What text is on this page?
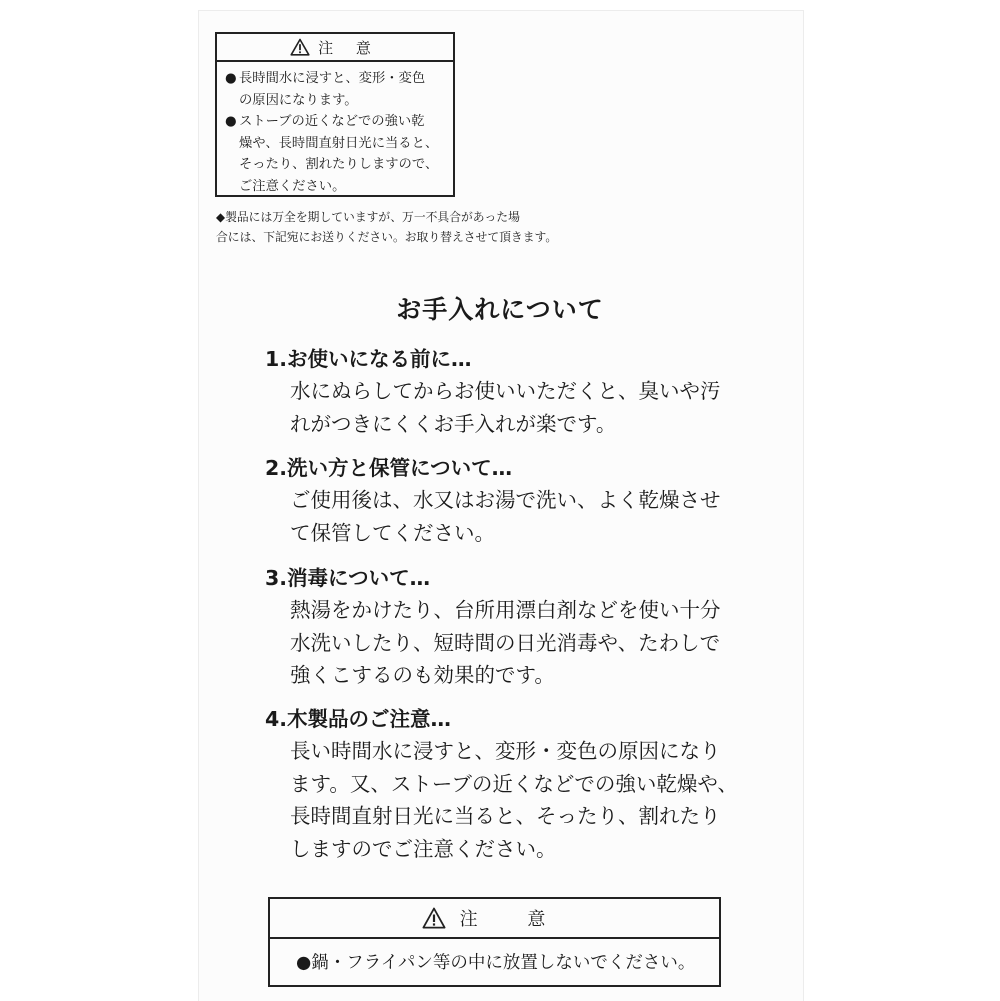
注 意
● 長時間水に浸すと、変形・変色
の原因になります。
● ストーブの近くなどでの強い乾
燥や、長時間直射日光に当ると、
そったり、割れたりしますので、
ご注意ください。
◆製品には万全を期していますが、万一不具合があった場
合には、下記宛にお送りください。お取り替えさせて頂きます。
お手入れについて
1.お使いになる前に…
水にぬらしてからお使いいただくと、臭いや汚
れがつきにくくお手入れが楽です。
2.洗い方と保管について…
ご使用後は、水又はお湯で洗い、よく乾燥させ
て保管してください。
3.消毒について…
熱湯をかけたり、台所用漂白剤などを使い十分
水洗いしたり、短時間の日光消毒や、たわしで
強くこするのも効果的です。
4.木製品のご注意…
長い時間水に浸すと、変形・変色の原因になり
ます。又、ストーブの近くなどでの強い乾燥や、
長時間直射日光に当ると、そったり、割れたり
しますのでご注意ください。
注 意
●鍋・フライパン等の中に放置しないでください。
